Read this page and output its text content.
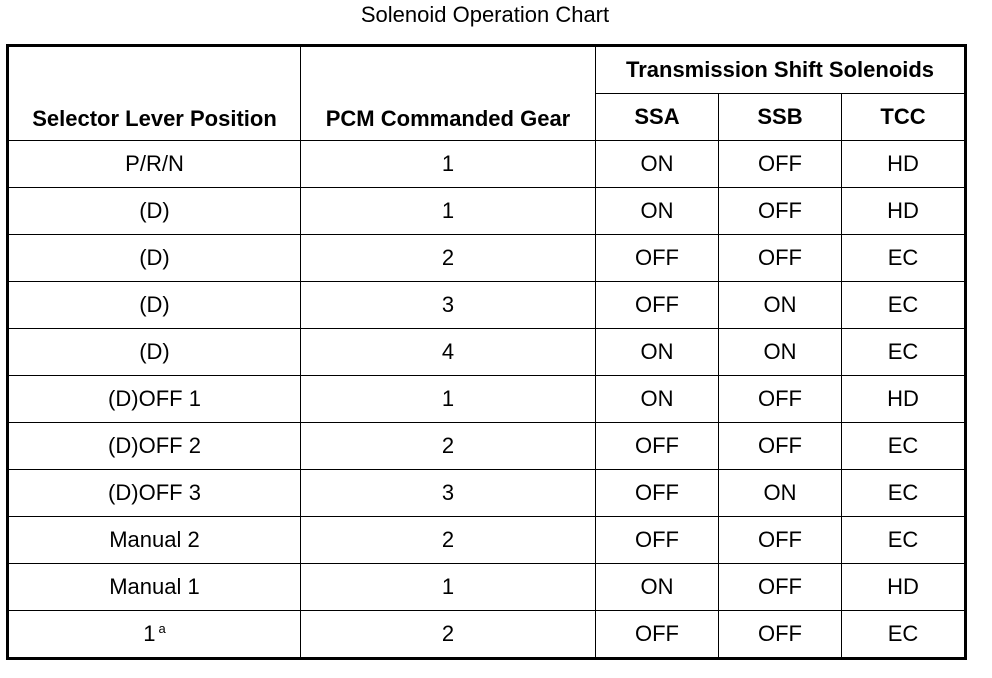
Solenoid Operation Chart
Selector Lever Position	PCM Commanded Gear	Transmission Shift Solenoids		
		SSA	SSB	TCC
P/R/N	1	ON	OFF	HD
(D)	1	ON	OFF	HD
(D)	2	OFF	OFF	EC
(D)	3	OFF	ON	EC
(D)	4	ON	ON	EC
(D)OFF 1	1	ON	OFF	HD
(D)OFF 2	2	OFF	OFF	EC
(D)OFF 3	3	OFF	ON	EC
Manual 2	2	OFF	OFF	EC
Manual 1	1	ON	OFF	HD
1 $^a$	2	OFF	OFF	EC
